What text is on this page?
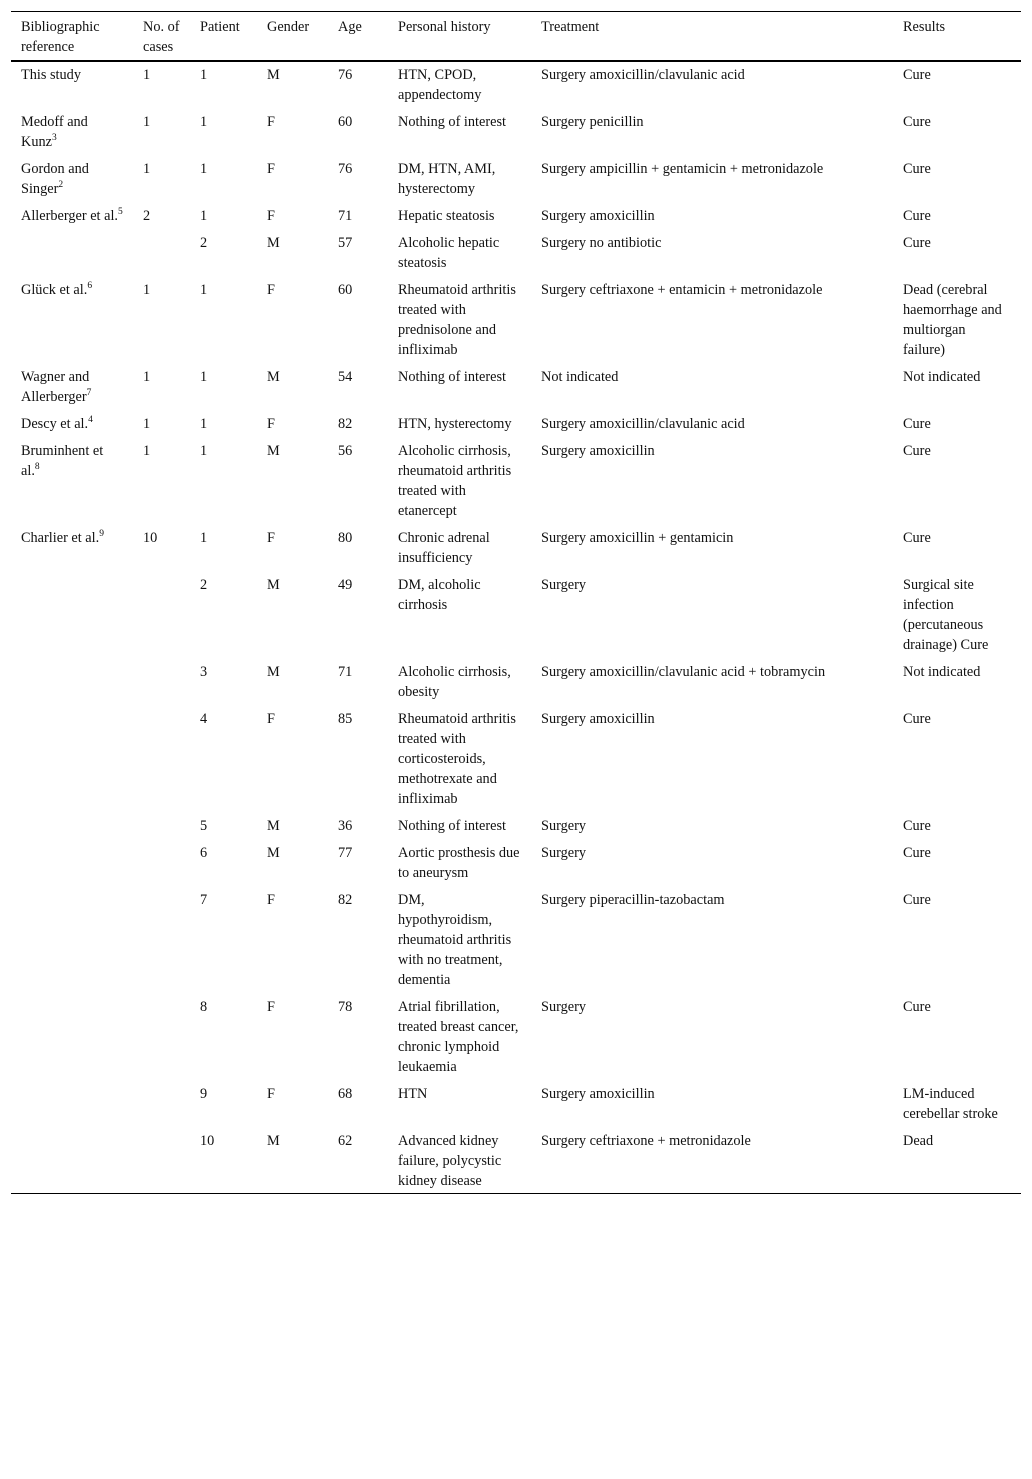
Bibliographic reference	No. of cases	Patient	Gender	Age	Personal history	Treatment	Results
This study	1	1	M	76	HTN, CPOD, appendectomy	Surgery amoxicillin/clavulanic acid	Cure
Medoff and Kunz$^3$	1	1	F	60	Nothing of interest	Surgery penicillin	Cure
Gordon and Singer$^2$	1	1	F	76	DM, HTN, AMI, hysterectomy	Surgery ampicillin + gentamicin + metronidazole	Cure
Allerberger et al.$^5$	2	1	F	71	Hepatic steatosis	Surgery amoxicillin	Cure
		2	M	57	Alcoholic hepatic steatosis	Surgery no antibiotic	Cure
Glück et al.$^6$	1	1	F	60	Rheumatoid arthritis treated with prednisolone and infliximab	Surgery ceftriaxone + entamicin + metronidazole	Dead (cerebral haemorrhage and multiorgan failure)
Wagner and Allerberger$^7$	1	1	M	54	Nothing of interest	Not indicated	Not indicated
Descy et al.$^4$	1	1	F	82	HTN, hysterectomy	Surgery amoxicillin/clavulanic acid	Cure
Bruminhent et al.$^8$	1	1	M	56	Alcoholic cirrhosis, rheumatoid arthritis treated with etanercept	Surgery amoxicillin	Cure
Charlier et al.$^9$	10	1	F	80	Chronic adrenal insufficiency	Surgery amoxicillin + gentamicin	Cure
		2	M	49	DM, alcoholic cirrhosis	Surgery	Surgical site infection (percutaneous drainage) Cure
		3	M	71	Alcoholic cirrhosis, obesity	Surgery amoxicillin/clavulanic acid + tobramycin	Not indicated
		4	F	85	Rheumatoid arthritis treated with corticosteroids, methotrexate and infliximab	Surgery amoxicillin	Cure
		5	M	36	Nothing of interest	Surgery	Cure
		6	M	77	Aortic prosthesis due to aneurysm	Surgery	Cure
		7	F	82	DM, hypothyroidism, rheumatoid arthritis with no treatment, dementia	Surgery piperacillin-tazobactam	Cure
		8	F	78	Atrial fibrillation, treated breast cancer, chronic lymphoid leukaemia	Surgery	Cure
		9	F	68	HTN	Surgery amoxicillin	LM-induced cerebellar stroke
		10	M	62	Advanced kidney failure, polycystic kidney disease	Surgery ceftriaxone + metronidazole	Dead
